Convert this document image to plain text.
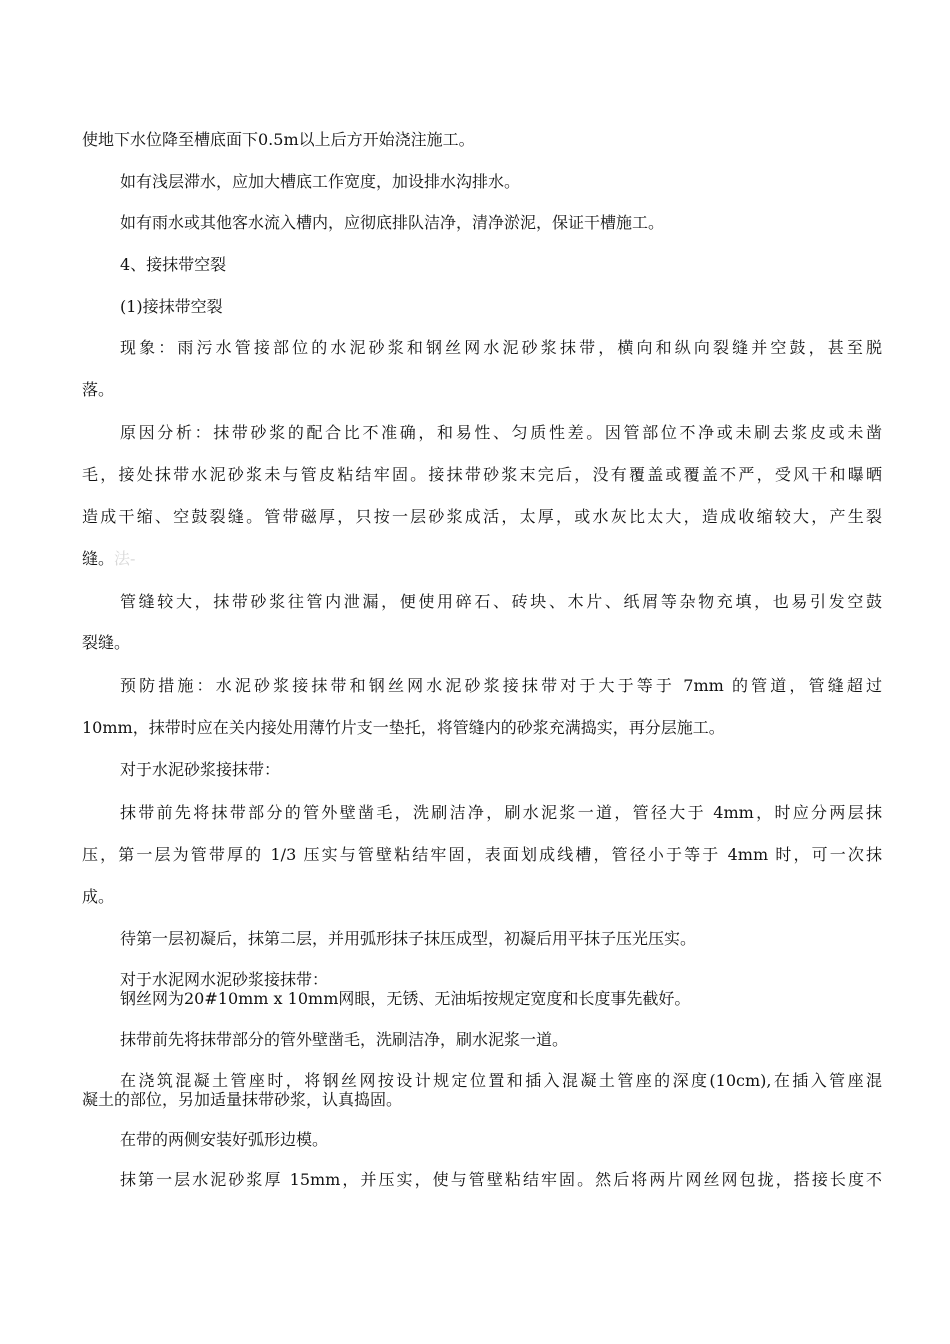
使地下水位降至槽底面下0.5m以上后方开始浇注施工。
如有浅层滞水，应加大槽底工作宽度，加设排水沟排水。
如有雨水或其他客水流入槽内，应彻底排队洁净，清净淤泥，保证干槽施工。
4、接抹带空裂
(1)接抹带空裂
现象：雨污水管接部位的水泥砂浆和钢丝网水泥砂浆抹带，横向和纵向裂缝并空鼓，甚至脱
落。
原因分析：抹带砂浆的配合比不准确，和易性、匀质性差。因管部位不净或未刷去浆皮或未凿
毛，接处抹带水泥砂浆未与管皮粘结牢固。接抹带砂浆末完后，没有覆盖或覆盖不严，受风干和曝晒
造成干缩、空鼓裂缝。管带磁厚，只按一层砂浆成活，太厚，或水灰比太大，造成收缩较大，产生裂
缝。法-
管缝较大，抹带砂浆往管内泄漏，便使用碎石、砖块、木片、纸屑等杂物充填，也易引发空鼓
裂缝。
预防措施：水泥砂浆接抹带和钢丝网水泥砂浆接抹带对于大于等于 7mm 的管道，管缝超过
10mm，抹带时应在关内接处用薄竹片支一垫托，将管缝内的砂浆充满捣实，再分层施工。
对于水泥砂浆接抹带：
抹带前先将抹带部分的管外壁凿毛，洗刷洁净，刷水泥浆一道，管径大于 4mm，时应分两层抹
压，第一层为管带厚的 1/3 压实与管壁粘结牢固，表面划成线槽，管径小于等于 4mm 时，可一次抹
成。
待第一层初凝后，抹第二层，并用弧形抹子抹压成型，初凝后用平抹子压光压实。
对于水泥网水泥砂浆接抹带：
钢丝网为20#10mm x 10mm网眼，无锈、无油垢按规定宽度和长度事先截好。
抹带前先将抹带部分的管外壁凿毛，洗刷洁净，刷水泥浆一道。
在浇筑混凝土管座时，将钢丝网按设计规定位置和插入混凝土管座的深度(10cm),在插入管座混
凝土的部位，另加适量抹带砂浆，认真捣固。
在带的两侧安装好弧形边模。
抹第一层水泥砂浆厚 15mm，并压实，使与管壁粘结牢固。然后将两片网丝网包拢，搭接长度不
